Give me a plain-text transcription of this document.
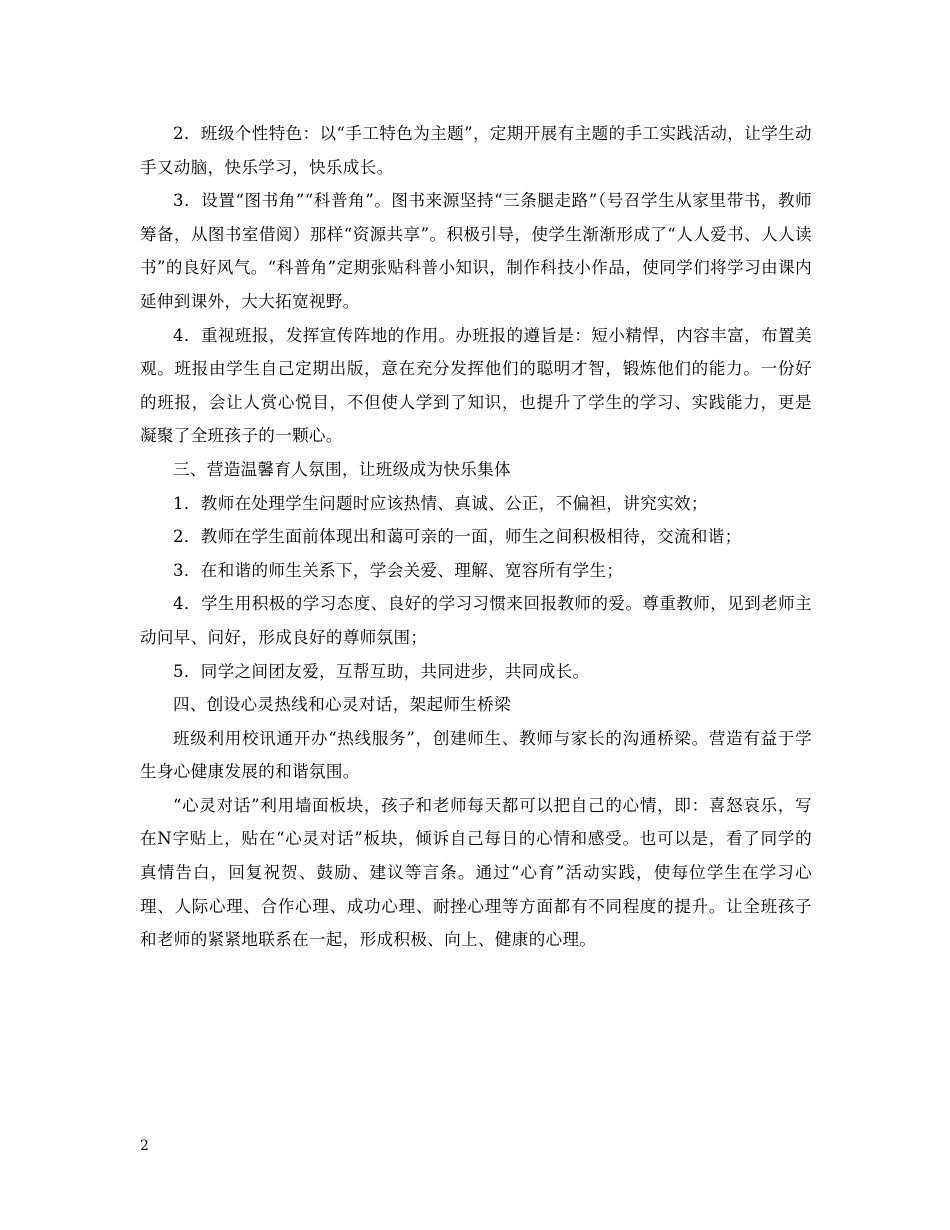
2．班级个性特色：以“手工特色为主题”，定期开展有主题的手工实践活动，让学生动手又动脑，快乐学习，快乐成长。

3．设置“图书角”“科普角”。图书来源坚持“三条腿走路”（号召学生从家里带书，教师筹备，从图书室借阅）那样“资源共享”。积极引导，使学生渐渐形成了“人人爱书、人人读书”的良好风气。“科普角”定期张贴科普小知识，制作科技小作品，使同学们将学习由课内延伸到课外，大大拓宽视野。

4．重视班报，发挥宣传阵地的作用。办班报的遵旨是：短小精悍，内容丰富，布置美观。班报由学生自己定期出版，意在充分发挥他们的聪明才智，锻炼他们的能力。一份好的班报，会让人赏心悦目，不但使人学到了知识，也提升了学生的学习、实践能力，更是凝聚了全班孩子的一颗心。

三、营造温馨育人氛围，让班级成为快乐集体

1．教师在处理学生问题时应该热情、真诚、公正，不偏袒，讲究实效；

2．教师在学生面前体现出和蔼可亲的一面，师生之间积极相待，交流和谐；

3．在和谐的师生关系下，学会关爱、理解、宽容所有学生；

4．学生用积极的学习态度、良好的学习习惯来回报教师的爱。尊重教师，见到老师主动问早、问好，形成良好的尊师氛围；

5．同学之间团友爱，互帮互助，共同进步，共同成长。

四、创设心灵热线和心灵对话，架起师生桥梁

班级利用校讯通开办“热线服务”，创建师生、教师与家长的沟通桥梁。营造有益于学生身心健康发展的和谐氛围。

“心灵对话”利用墙面板块，孩子和老师每天都可以把自己的心情，即：喜怒哀乐，写在N字贴上，贴在“心灵对话”板块，倾诉自己每日的心情和感受。也可以是，看了同学的真情告白，回复祝贺、鼓励、建议等言条。通过“心育”活动实践，使每位学生在学习心理、人际心理、合作心理、成功心理、耐挫心理等方面都有不同程度的提升。让全班孩子和老师的紧紧地联系在一起，形成积极、向上、健康的心理。

2
